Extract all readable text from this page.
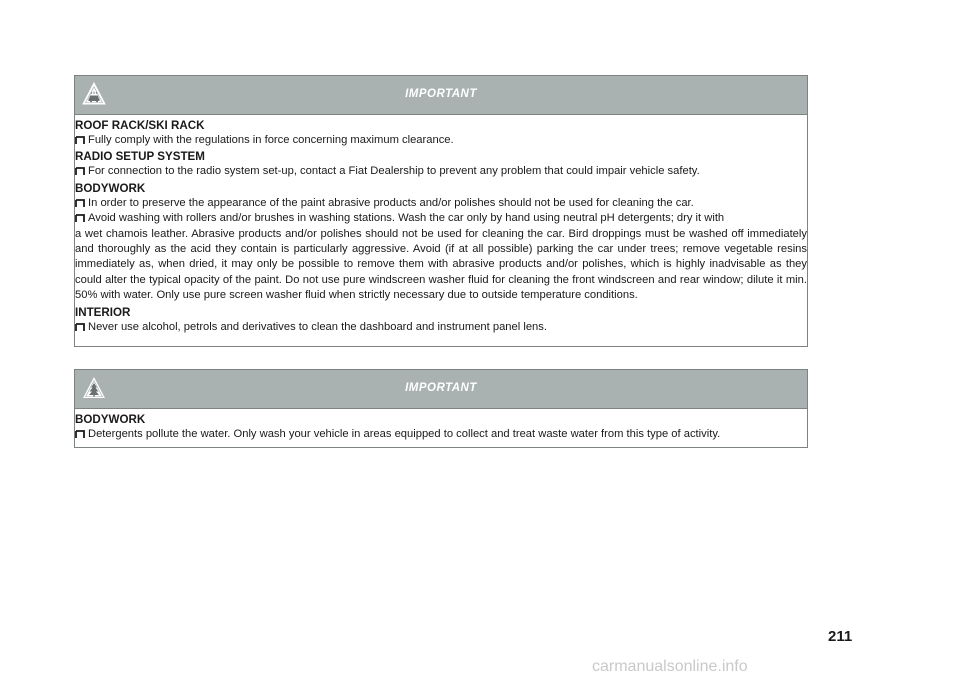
IMPORTANT
ROOF RACK/SKI RACK
Fully comply with the regulations in force concerning maximum clearance.
RADIO SETUP SYSTEM
For connection to the radio system set-up, contact a Fiat Dealership to prevent any problem that could impair vehicle safety.
BODYWORK
In order to preserve the appearance of the paint abrasive products and/or polishes should not be used for cleaning the car.
Avoid washing with rollers and/or brushes in washing stations. Wash the car only by hand using neutral pH detergents; dry it with
a wet chamois leather. Abrasive products and/or polishes should not be used for cleaning the car. Bird droppings must be washed off immediately and thoroughly as the acid they contain is particularly aggressive. Avoid (if at all possible) parking the car under trees; remove vegetable resins immediately as, when dried, it may only be possible to remove them with abrasive products and/or polishes, which is highly inadvisable as they could alter the typical opacity of the paint. Do not use pure windscreen washer fluid for cleaning the front windscreen and rear window; dilute it min. 50% with water. Only use pure screen washer fluid when strictly necessary due to outside temperature conditions.
INTERIOR
Never use alcohol, petrols and derivatives to clean the dashboard and instrument panel lens.
IMPORTANT
BODYWORK
Detergents pollute the water. Only wash your vehicle in areas equipped to collect and treat waste water from this type of activity.
211
carmanualsonline.info
